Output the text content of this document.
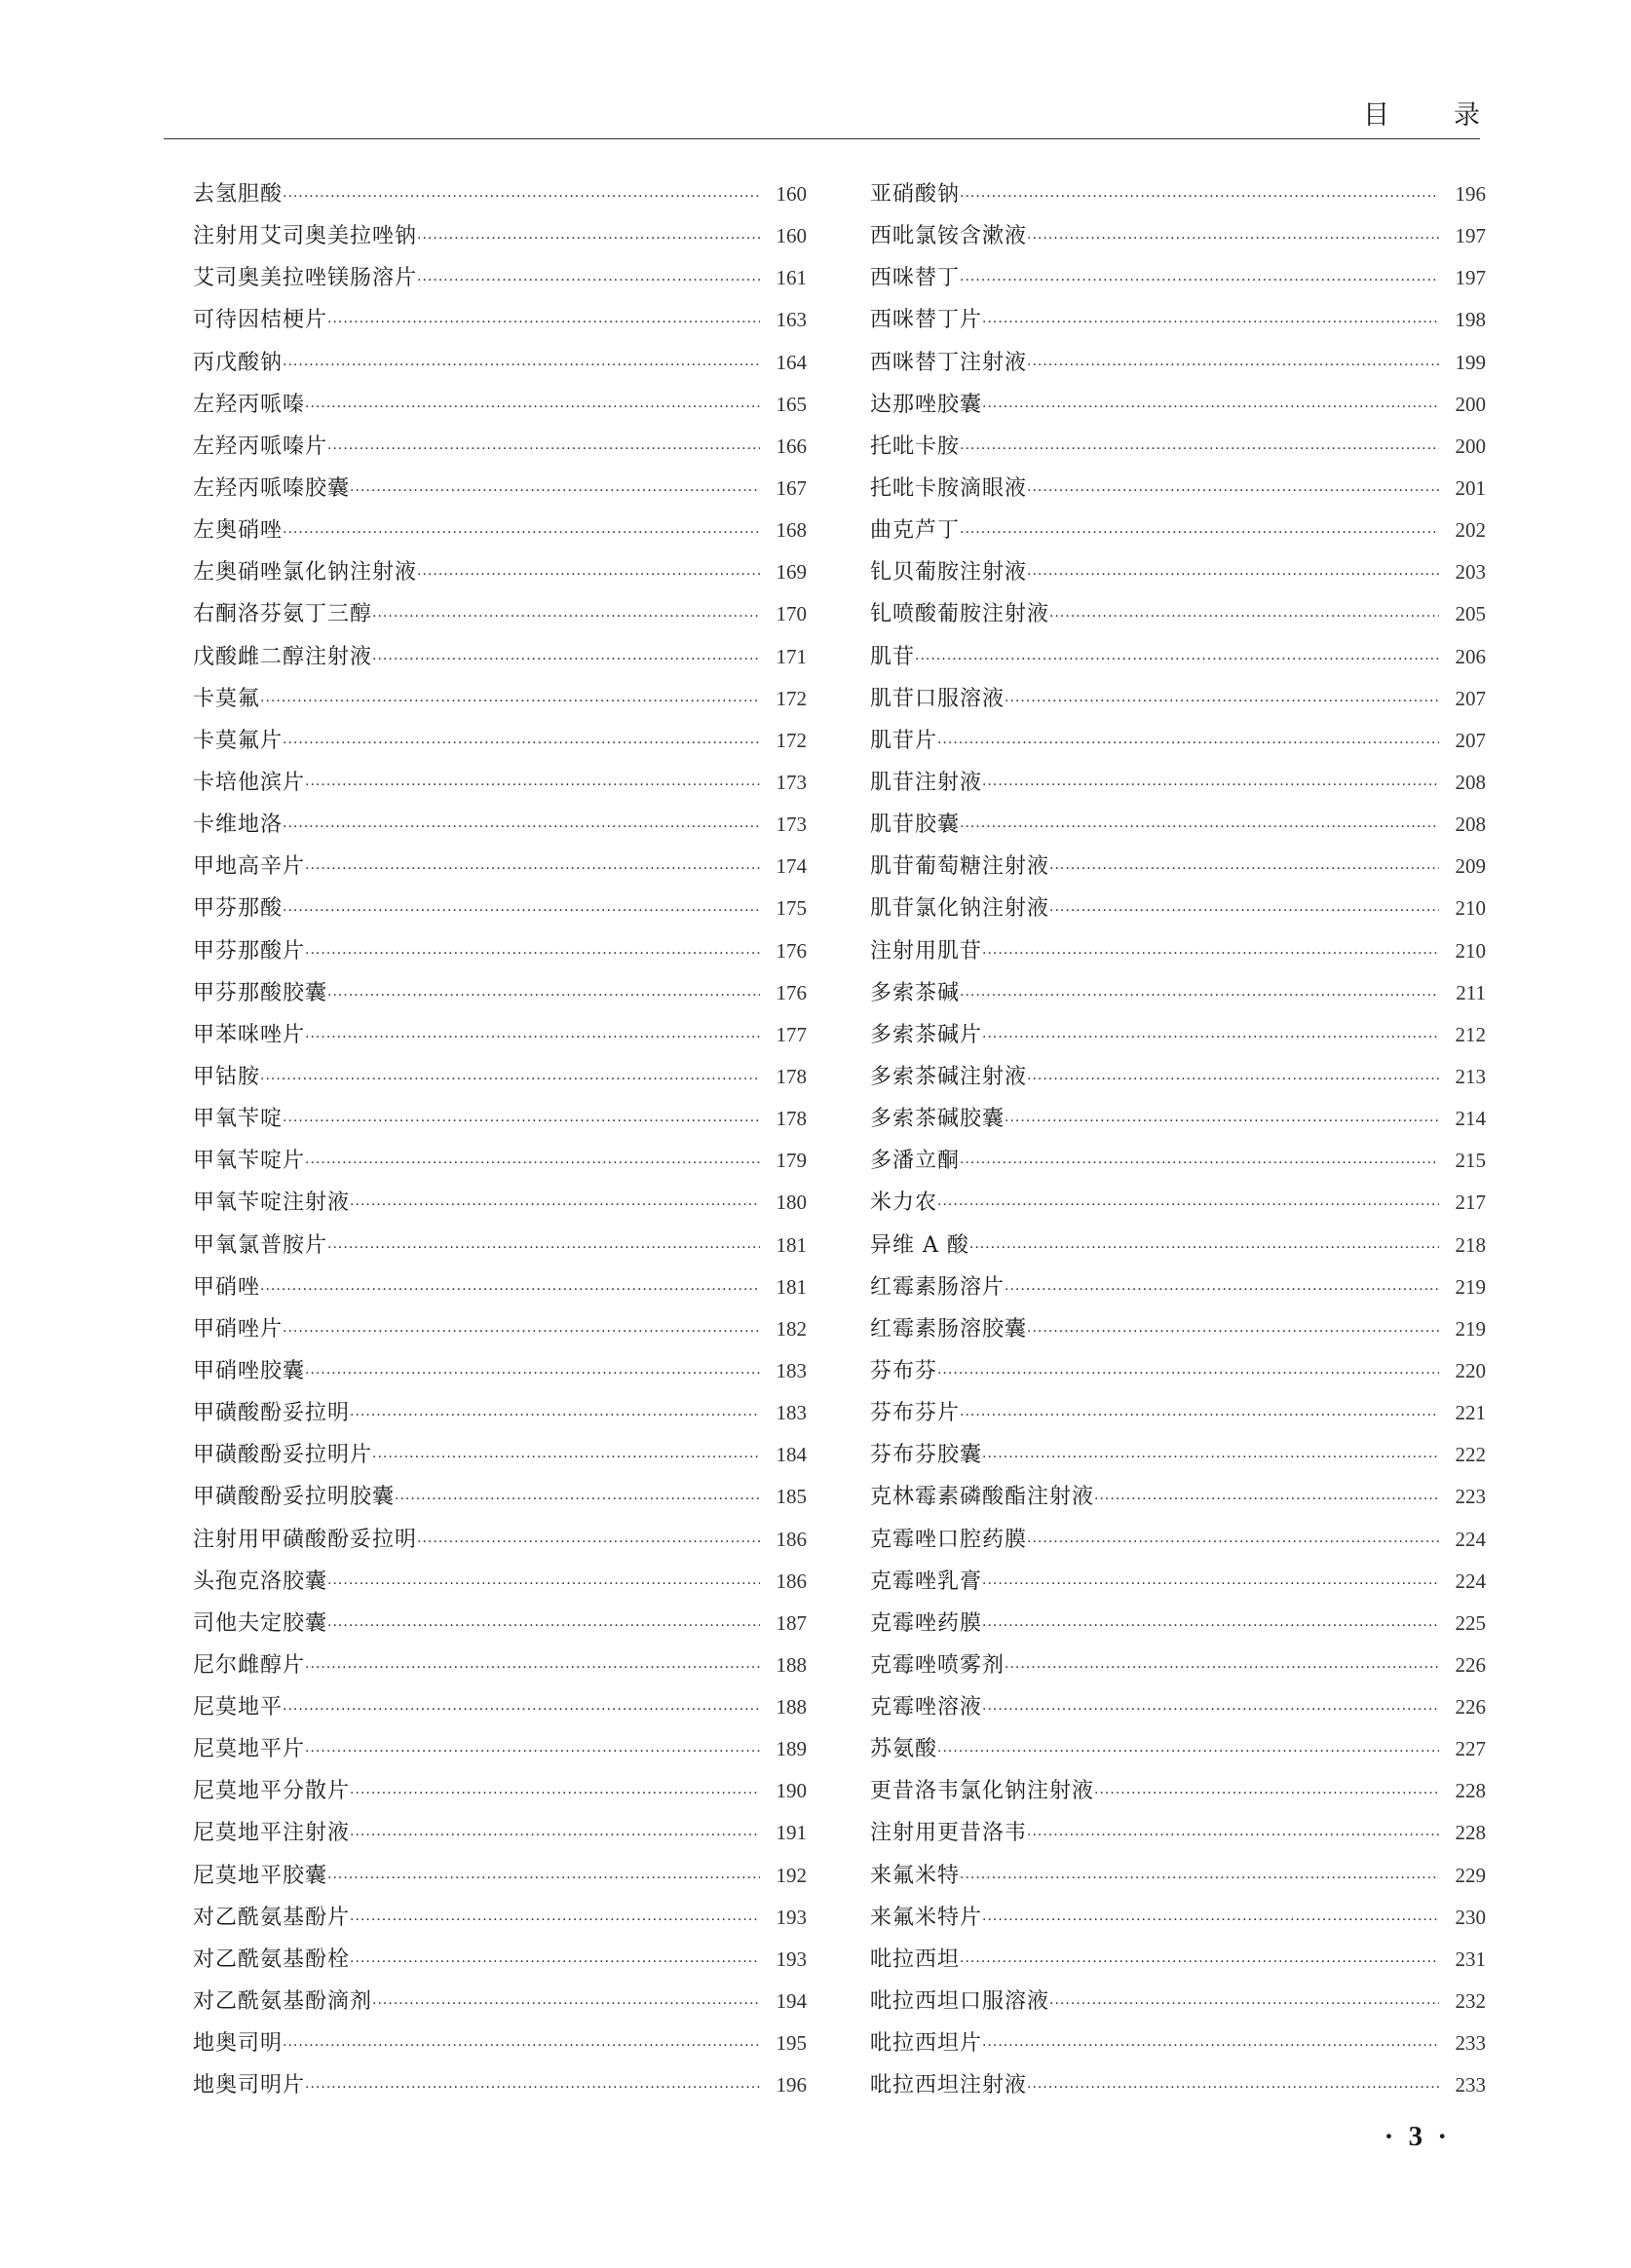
目 录
去氢胆酸 ·····	160
注射用艾司奥美拉唑钠 ·····	160
艾司奥美拉唑镁肠溶片 ·····	161
可待因桔梗片 ·····	163
丙戊酸钠 ·····	164
左羟丙哌嗪 ·····	165
左羟丙哌嗪片 ·····	166
左羟丙哌嗪胶囊 ·····	167
左奥硝唑 ·····	168
左奥硝唑氯化钠注射液 ·····	169
右酮洛芬氨丁三醇 ·····	170
戊酸雌二醇注射液 ·····	171
卡莫氟 ·····	172
卡莫氟片 ·····	172
卡培他滨片 ·····	173
卡维地洛 ·····	173
甲地高辛片 ·····	174
甲芬那酸 ·····	175
甲芬那酸片 ·····	176
甲芬那酸胶囊 ·····	176
甲苯咪唑片 ·····	177
甲钴胺 ·····	178
甲氧苄啶 ·····	178
甲氧苄啶片 ·····	179
甲氧苄啶注射液 ·····	180
甲氧氯普胺片 ·····	181
甲硝唑 ·····	181
甲硝唑片 ·····	182
甲硝唑胶囊 ·····	183
甲磺酸酚妥拉明 ·····	183
甲磺酸酚妥拉明片 ·····	184
甲磺酸酚妥拉明胶囊 ·····	185
注射用甲磺酸酚妥拉明 ·····	186
头孢克洛胶囊 ·····	186
司他夫定胶囊 ·····	187
尼尔雌醇片 ·····	188
尼莫地平 ·····	188
尼莫地平片 ·····	189
尼莫地平分散片 ·····	190
尼莫地平注射液 ·····	191
尼莫地平胶囊 ·····	192
对乙酰氨基酚片 ·····	193
对乙酰氨基酚栓 ·····	193
对乙酰氨基酚滴剂 ·····	194
地奥司明 ·····	195
地奥司明片 ·····	196
亚硝酸钠 ·····	196
西吡氯铵含漱液 ·····	197
西咪替丁 ·····	197
西咪替丁片 ·····	198
西咪替丁注射液 ·····	199
达那唑胶囊 ·····	200
托吡卡胺 ·····	200
托吡卡胺滴眼液 ·····	201
曲克芦丁 ·····	202
钆贝葡胺注射液 ·····	203
钆喷酸葡胺注射液 ·····	205
肌苷 ·····	206
肌苷口服溶液 ·····	207
肌苷片 ·····	207
肌苷注射液 ·····	208
肌苷胶囊 ·····	208
肌苷葡萄糖注射液 ·····	209
肌苷氯化钠注射液 ·····	210
注射用肌苷 ·····	210
多索茶碱 ·····	211
多索茶碱片 ·····	212
多索茶碱注射液 ·····	213
多索茶碱胶囊 ·····	214
多潘立酮 ·····	215
米力农 ·····	217
异维 A 酸 ·····	218
红霉素肠溶片 ·····	219
红霉素肠溶胶囊 ·····	219
芬布芬 ·····	220
芬布芬片 ·····	221
芬布芬胶囊 ·····	222
克林霉素磷酸酯注射液 ·····	223
克霉唑口腔药膜 ·····	224
克霉唑乳膏 ·····	224
克霉唑药膜 ·····	225
克霉唑喷雾剂 ·····	226
克霉唑溶液 ·····	226
苏氨酸 ·····	227
更昔洛韦氯化钠注射液 ·····	228
注射用更昔洛韦 ·····	228
来氟米特 ·····	229
来氟米特片 ·····	230
吡拉西坦 ·····	231
吡拉西坦口服溶液 ·····	232
吡拉西坦片 ·····	233
吡拉西坦注射液 ·····	233
· 3 ·
